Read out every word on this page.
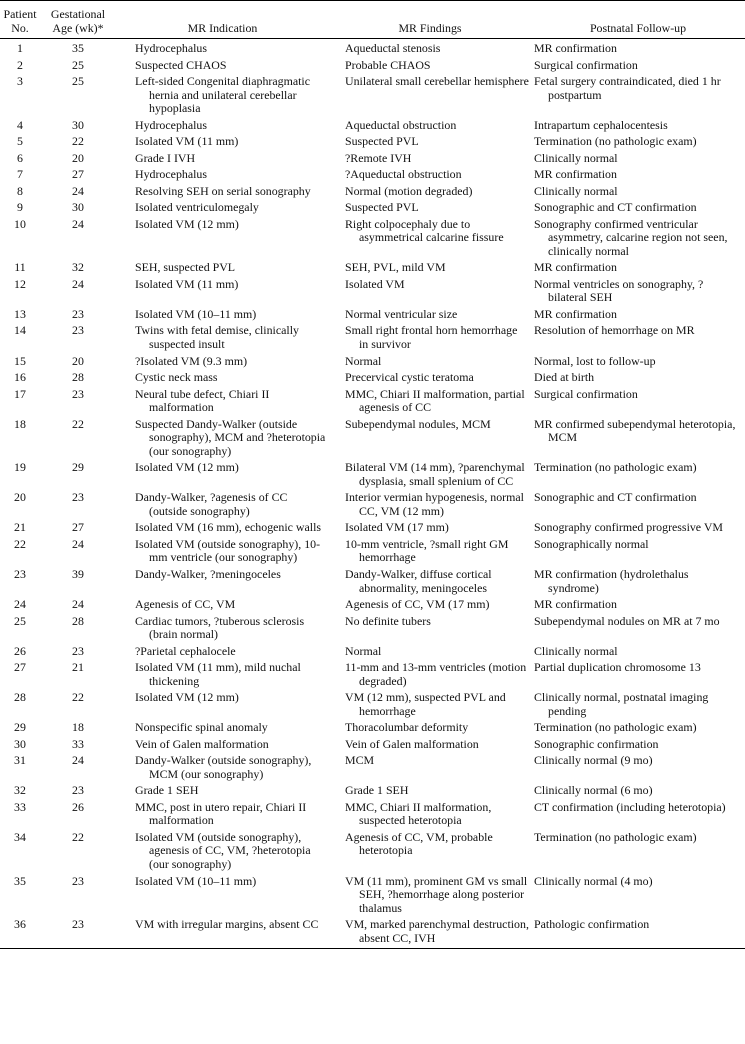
Patient No.	Gestational Age (wk)*	MR Indication	MR Findings	Postnatal Follow-up

1	35	Hydrocephalus	Aqueductal stenosis	MR confirmation

2	25	Suspected CHAOS	Probable CHAOS	Surgical confirmation

3	25	Left-sided Congenital diaphragmatic hernia and unilateral cerebellar hypoplasia	Unilateral small cerebellar hemisphere	Fetal surgery contraindicated, died 1 hr postpartum

4	30	Hydrocephalus	Aqueductal obstruction	Intrapartum cephalocentesis

5	22	Isolated VM (11 mm)	Suspected PVL	Termination (no pathologic exam)

6	20	Grade I IVH	?Remote IVH	Clinically normal

7	27	Hydrocephalus	?Aqueductal obstruction	MR confirmation

8	24	Resolving SEH on serial sonography	Normal (motion degraded)	Clinically normal

9	30	Isolated ventriculomegaly	Suspected PVL	Sonographic and CT confirmation

10	24	Isolated VM (12 mm)	Right colpocephaly due to asymmetrical calcarine fissure	Sonography confirmed ventricular asymmetry, calcarine region not seen, clinically normal

11	32	SEH, suspected PVL	SEH, PVL, mild VM	MR confirmation

12	24	Isolated VM (11 mm)	Isolated VM	Normal ventricles on sonography, ?bilateral SEH

13	23	Isolated VM (10–11 mm)	Normal ventricular size	MR confirmation

14	23	Twins with fetal demise, clinically suspected insult	Small right frontal horn hemorrhage in survivor	Resolution of hemorrhage on MR

15	20	?Isolated VM (9.3 mm)	Normal	Normal, lost to follow-up

16	28	Cystic neck mass	Precervical cystic teratoma	Died at birth

17	23	Neural tube defect, Chiari II malformation	MMC, Chiari II malformation, partial agenesis of CC	Surgical confirmation

18	22	Suspected Dandy-Walker (outside sonography), MCM and ?heterotopia (our sonography)	Subependymal nodules, MCM	MR confirmed subependymal heterotopia, MCM

19	29	Isolated VM (12 mm)	Bilateral VM (14 mm), ?parenchymal dysplasia, small splenium of CC	Termination (no pathologic exam)

20	23	Dandy-Walker, ?agenesis of CC (outside sonography)	Interior vermian hypogenesis, normal CC, VM (12 mm)	Sonographic and CT confirmation

21	27	Isolated VM (16 mm), echogenic walls	Isolated VM (17 mm)	Sonography confirmed progressive VM

22	24	Isolated VM (outside sonography), 10-mm ventricle (our sonography)	10-mm ventricle, ?small right GM hemorrhage	Sonographically normal

23	39	Dandy-Walker, ?meningoceles	Dandy-Walker, diffuse cortical abnormality, meningoceles	MR confirmation (hydrolethalus syndrome)

24	24	Agenesis of CC, VM	Agenesis of CC, VM (17 mm)	MR confirmation

25	28	Cardiac tumors, ?tuberous sclerosis (brain normal)	No definite tubers	Subependymal nodules on MR at 7 mo

26	23	?Parietal cephalocele	Normal	Clinically normal

27	21	Isolated VM (11 mm), mild nuchal thickening	11-mm and 13-mm ventricles (motion degraded)	Partial duplication chromosome 13

28	22	Isolated VM (12 mm)	VM (12 mm), suspected PVL and hemorrhage	Clinically normal, postnatal imaging pending

29	18	Nonspecific spinal anomaly	Thoracolumbar deformity	Termination (no pathologic exam)

30	33	Vein of Galen malformation	Vein of Galen malformation	Sonographic confirmation

31	24	Dandy-Walker (outside sonography), MCM (our sonography)	MCM	Clinically normal (9 mo)

32	23	Grade 1 SEH	Grade 1 SEH	Clinically normal (6 mo)

33	26	MMC, post in utero repair, Chiari II malformation	MMC, Chiari II malformation, suspected heterotopia	CT confirmation (including heterotopia)

34	22	Isolated VM (outside sonography), agenesis of CC, VM, ?heterotopia (our sonography)	Agenesis of CC, VM, probable heterotopia	Termination (no pathologic exam)

35	23	Isolated VM (10–11 mm)	VM (11 mm), prominent GM vs small SEH, ?hemorrhage along posterior thalamus	Clinically normal (4 mo)

36	23	VM with irregular margins, absent CC	VM, marked parenchymal destruction, absent CC, IVH	Pathologic confirmation
